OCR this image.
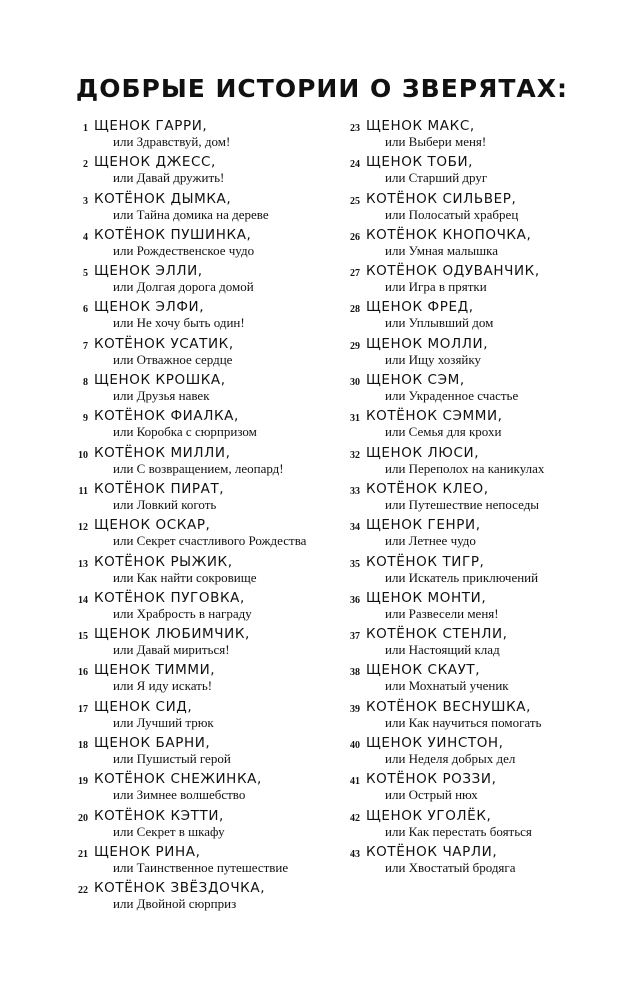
ДОБРЫЕ ИСТОРИИ О ЗВЕРЯТАХ:
1 ЩЕНОК ГАРРИ,
или Здравствуй, дом!
2 ЩЕНОК ДЖЕСС,
или Давай дружить!
3 КОТЁНОК ДЫМКА,
или Тайна домика на дереве
4 КОТЁНОК ПУШИНКА,
или Рождественское чудо
5 ЩЕНОК ЭЛЛИ,
или Долгая дорога домой
6 ЩЕНОК ЭЛФИ,
или Не хочу быть один!
7 КОТЁНОК УСАТИК,
или Отважное сердце
8 ЩЕНОК КРОШКА,
или Друзья навек
9 КОТЁНОК ФИАЛКА,
или Коробка с сюрпризом
10 КОТЁНОК МИЛЛИ,
или С возвращением, леопард!
11 КОТЁНОК ПИРАТ,
или Ловкий коготь
12 ЩЕНОК ОСКАР,
или Секрет счастливого Рождества
13 КОТЁНОК РЫЖИК,
или Как найти сокровище
14 КОТЁНОК ПУГОВКА,
или Храбрость в награду
15 ЩЕНОК ЛЮБИМЧИК,
или Давай мириться!
16 ЩЕНОК ТИММИ,
или Я иду искать!
17 ЩЕНОК СИД,
или Лучший трюк
18 ЩЕНОК БАРНИ,
или Пушистый герой
19 КОТЁНОК СНЕЖИНКА,
или Зимнее волшебство
20 КОТЁНОК КЭТТИ,
или Секрет в шкафу
21 ЩЕНОК РИНА,
или Таинственное путешествие
22 КОТЁНОК ЗВЁЗДОЧКА,
или Двойной сюрприз
23 ЩЕНОК МАКС,
или Выбери меня!
24 ЩЕНОК ТОБИ,
или Старший друг
25 КОТЁНОК СИЛЬВЕР,
или Полосатый храбрец
26 КОТЁНОК КНОПОЧКА,
или Умная малышка
27 КОТЁНОК ОДУВАНЧИК,
или Игра в прятки
28 ЩЕНОК ФРЕД,
или Уплывший дом
29 ЩЕНОК МОЛЛИ,
или Ищу хозяйку
30 ЩЕНОК СЭМ,
или Украденное счастье
31 КОТЁНОК СЭММИ,
или Семья для крохи
32 ЩЕНОК ЛЮСИ,
или Переполох на каникулах
33 КОТЁНОК КЛЕО,
или Путешествие непоседы
34 ЩЕНОК ГЕНРИ,
или Летнее чудо
35 КОТЁНОК ТИГР,
или Искатель приключений
36 ЩЕНОК МОНТИ,
или Развесели меня!
37 КОТЁНОК СТЕНЛИ,
или Настоящий клад
38 ЩЕНОК СКАУТ,
или Мохнатый ученик
39 КОТЁНОК ВЕСНУШКА,
или Как научиться помогать
40 ЩЕНОК УИНСТОН,
или Неделя добрых дел
41 КОТЁНОК РОЗЗИ,
или Острый нюх
42 ЩЕНОК УГОЛЁК,
или Как перестать бояться
43 КОТЁНОК ЧАРЛИ,
или Хвостатый бродяга
